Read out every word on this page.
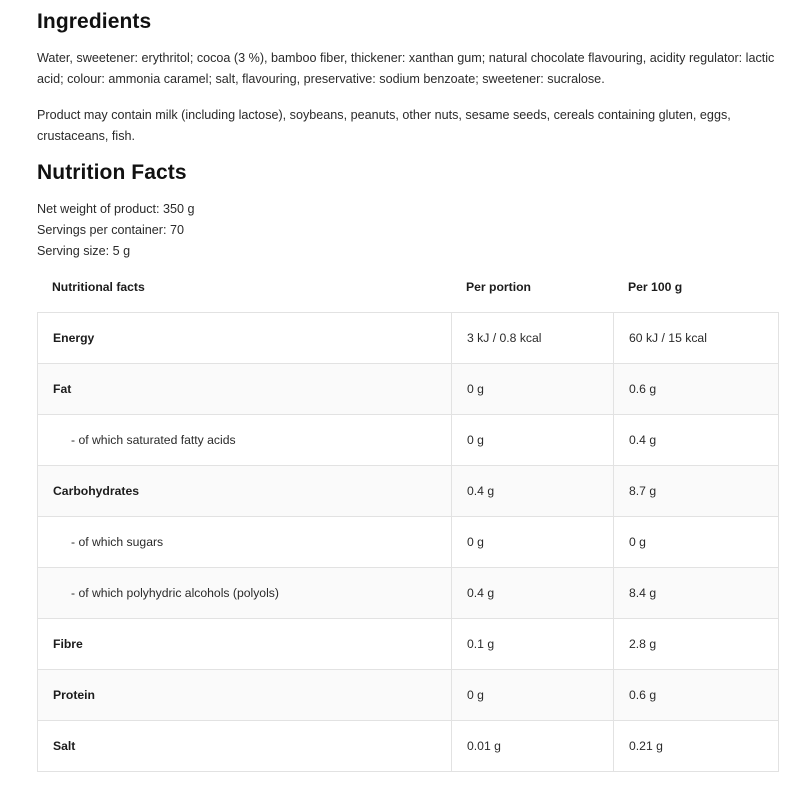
Ingredients

Water, sweetener: erythritol; cocoa (3 %), bamboo fiber, thickener: xanthan gum; natural chocolate flavouring, acidity regulator: lactic acid; colour: ammonia caramel; salt, flavouring, preservative: sodium benzoate; sweetener: sucralose.

Product may contain milk (including lactose), soybeans, peanuts, other nuts, sesame seeds, cereals containing gluten, eggs, crustaceans, fish.

Nutrition Facts
Net weight of product: 350 g
Servings per container: 70
Serving size: 5 g
Nutritional facts	Per portion	Per 100 g
Energy	3 kJ / 0.8 kcal	60 kJ / 15 kcal
Fat	0 g	0.6 g
- of which saturated fatty acids	0 g	0.4 g
Carbohydrates	0.4 g	8.7 g
- of which sugars	0 g	0 g
- of which polyhydric alcohols (polyols)	0.4 g	8.4 g
Fibre	0.1 g	2.8 g
Protein	0 g	0.6 g
Salt	0.01 g	0.21 g
